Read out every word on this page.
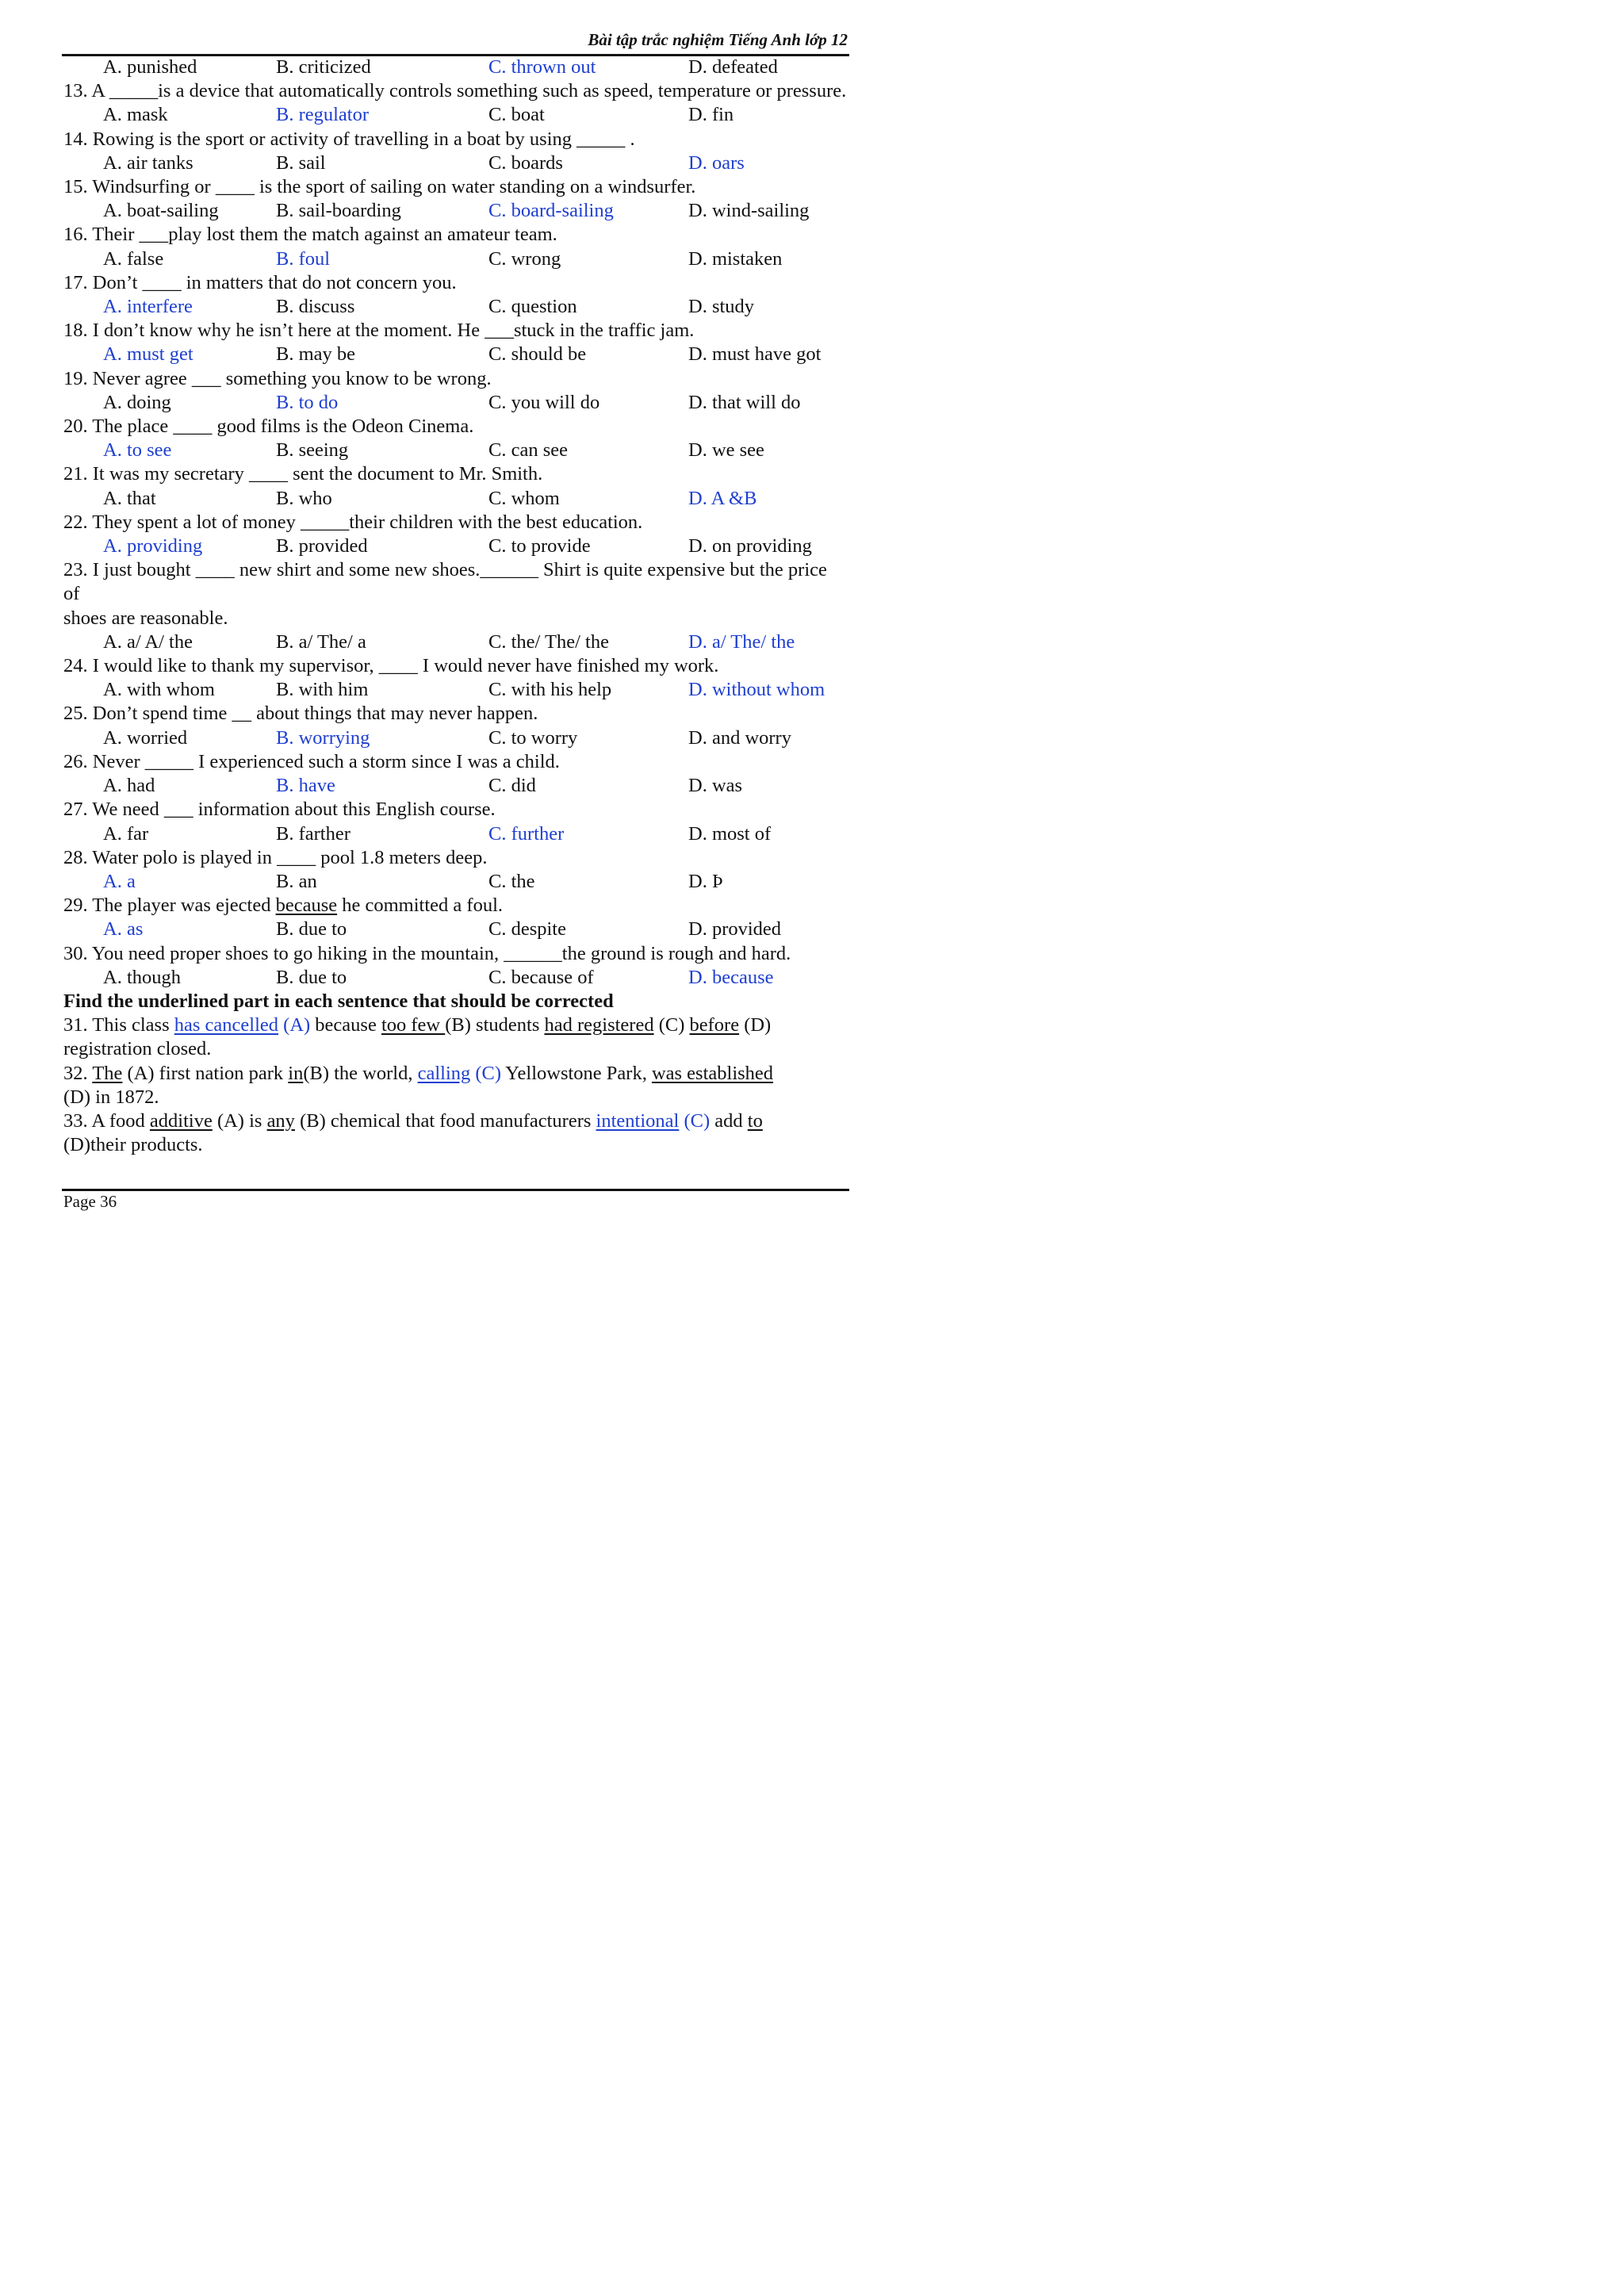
Bài tập trắc nghiệm Tiếng Anh lớp 12
A. punished	B. criticized	C. thrown out	D. defeated
13. A _____is a device that automatically controls something such as speed, temperature or pressure.
A. mask	B. regulator	C. boat	D. fin
14. Rowing is the sport or activity of travelling in a boat by using _____ .
A. air tanks	B. sail	C. boards	D. oars
15. Windsurfing or ____ is the sport of sailing on water standing on a windsurfer.
A. boat-sailing	B. sail-boarding	C. board-sailing	D. wind-sailing
16. Their ___play lost them the match against an amateur team.
A. false	B. foul	C. wrong	D. mistaken
17. Don’t ____ in matters that do not concern you.
A. interfere	B. discuss	C. question	D. study
18. I don’t know why he isn’t here at the moment. He ___stuck in the traffic jam.
A. must get	B. may be	C. should be	D. must have got
19. Never agree ___ something you know to be wrong.
A. doing	B. to do	C. you will do	D. that will do
20. The place ____ good films is the Odeon Cinema.
A. to see	B. seeing	C. can see	D. we see
21. It was my secretary ____ sent the document to Mr. Smith.
A. that	B. who	C. whom	D. A &B
22. They spent a lot of money _____their children with the best education.
A. providing	B. provided	C. to provide	D. on providing
23. I just bought ____ new shirt and some new shoes.______ Shirt is quite expensive but the price of
shoes are reasonable.
A. a/ A/ the	B. a/ The/ a	C. the/ The/ the	D. a/ The/ the
24. I would like to thank my supervisor, ____ I would never have finished my work.
A. with whom	B. with him	C. with his help	D. without whom
25. Don’t spend time __ about things that may never happen.
A. worried	B. worrying	C. to worry	D. and worry
26. Never _____ I experienced such a storm since I was a child.
A. had	B. have	C. did	D. was
27. We need ___ information about this English course.
A. far	B. farther	C. further	D. most of
28. Water polo is played in ____ pool 1.8 meters deep.
A. a	B. an	C. the	D. Þ
29. The player was ejected because he committed a foul.
A. as	B. due to	C. despite	D. provided
30. You need proper shoes to go hiking in the mountain, ______the ground is rough and hard.
A. though	B. due to	C. because of	D. because
Find the underlined part in each sentence that should be corrected
31. This class has cancelled (A) because too few (B) students had registered (C) before (D)
registration closed.
32. The (A) first nation park in(B) the world, calling (C) Yellowstone Park, was established
(D) in 1872.
33. A food additive (A) is any (B) chemical that food manufacturers intentional (C) add to
(D)their products.
Page 36
